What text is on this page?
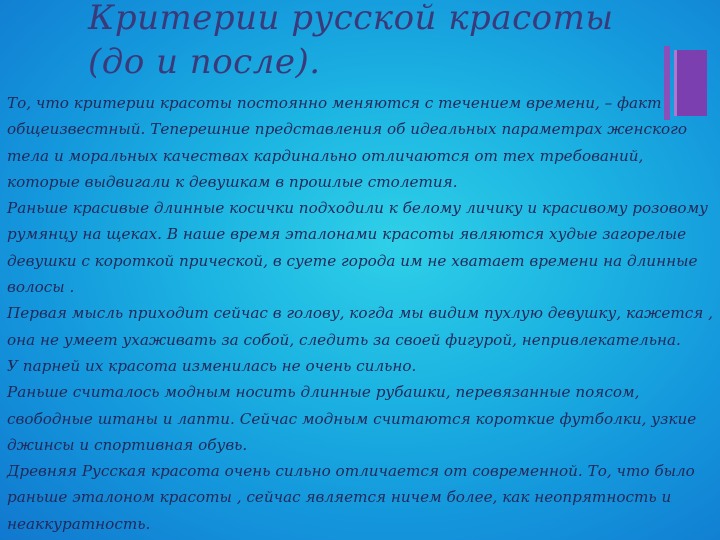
Критерии русской красоты
(до и после).
То, что критерии красоты постоянно меняются с течением времени, – факт
общеизвестный. Теперешние представления об идеальных параметрах женского
тела и моральных качествах кардинально отличаются от тех требований,
которые выдвигали к девушкам в прошлые столетия.
Раньше красивые длинные косички подходили к белому личику и красивому розовому
румянцу на щеках. В наше время эталонами красоты являются худые загорелые
девушки с короткой прической, в суете города им не хватает времени на длинные
волосы .
Первая мысль приходит сейчас в голову, когда мы видим пухлую девушку, кажется ,
она не умеет ухаживать за собой, следить за своей фигурой, непривлекательна.
У парней их красота изменилась не очень сильно.
Раньше считалось модным носить длинные рубашки, перевязанные поясом,
свободные штаны и лапти. Сейчас модным считаются короткие футболки, узкие
джинсы и спортивная обувь.
Древняя Русская красота очень сильно отличается от современной. То, что было
раньше эталоном красоты , сейчас является ничем более, как неопрятность и
неаккуратность.
